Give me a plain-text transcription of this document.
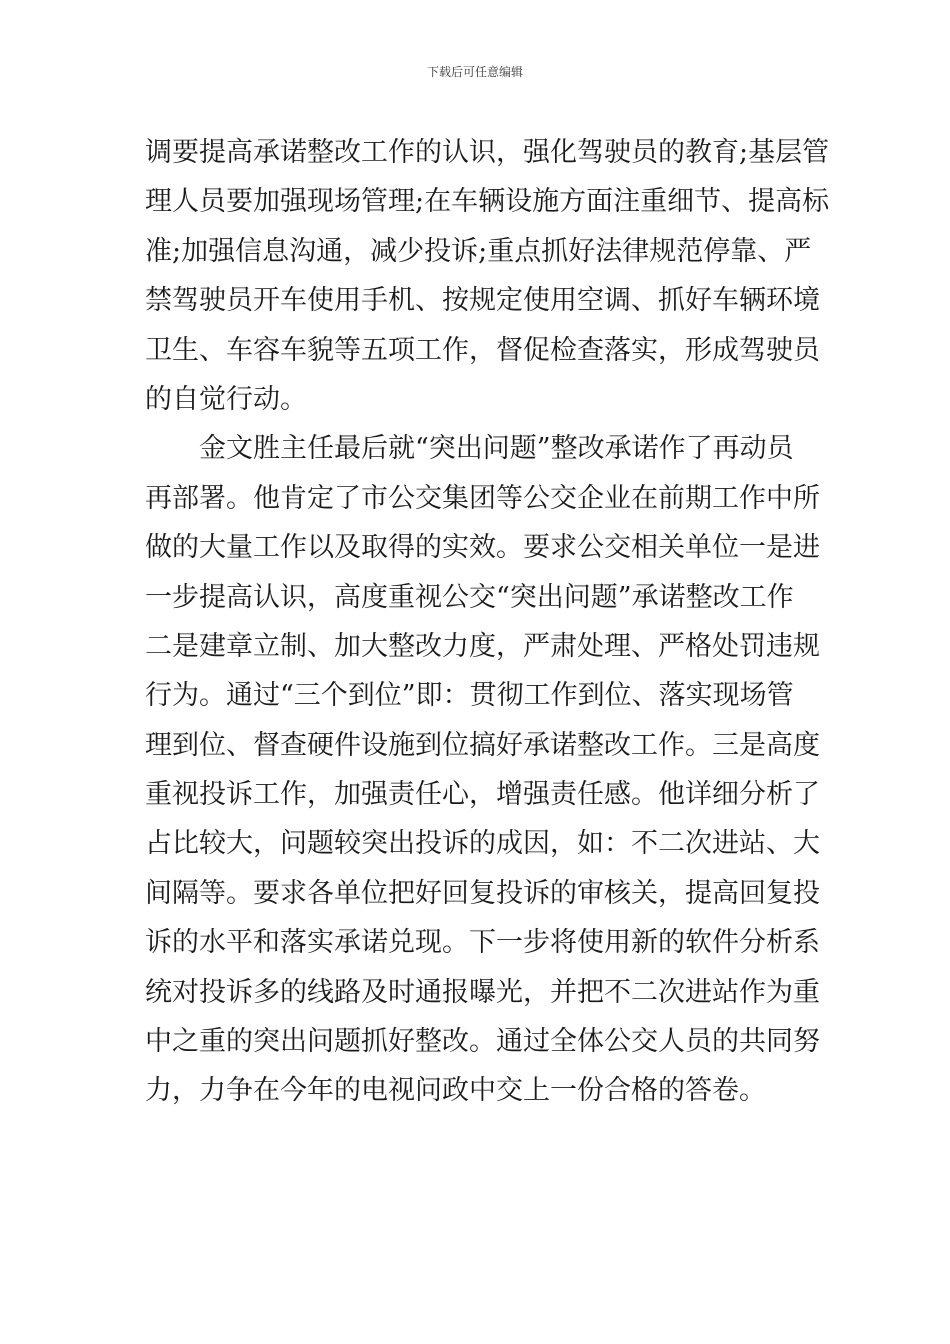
下载后可任意编辑
调要提高承诺整改工作的认识，强化驾驶员的教育;基层管
理人员要加强现场管理;在车辆设施方面注重细节、提高标
准;加强信息沟通，减少投诉;重点抓好法律规范停靠、严
禁驾驶员开车使用手机、按规定使用空调、抓好车辆环境
卫生、车容车貌等五项工作，督促检查落实，形成驾驶员
的自觉行动。
　　金文胜主任最后就“突出问题”整改承诺作了再动员
再部署。他肯定了市公交集团等公交企业在前期工作中所
做的大量工作以及取得的实效。要求公交相关单位一是进
一步提高认识，高度重视公交“突出问题”承诺整改工作
二是建章立制、加大整改力度，严肃处理、严格处罚违规
行为。通过“三个到位”即：贯彻工作到位、落实现场管
理到位、督查硬件设施到位搞好承诺整改工作。三是高度
重视投诉工作，加强责任心，增强责任感。他详细分析了
占比较大，问题较突出投诉的成因，如：不二次进站、大
间隔等。要求各单位把好回复投诉的审核关，提高回复投
诉的水平和落实承诺兑现。下一步将使用新的软件分析系
统对投诉多的线路及时通报曝光，并把不二次进站作为重
中之重的突出问题抓好整改。通过全体公交人员的共同努
力，力争在今年的电视问政中交上一份合格的答卷。
